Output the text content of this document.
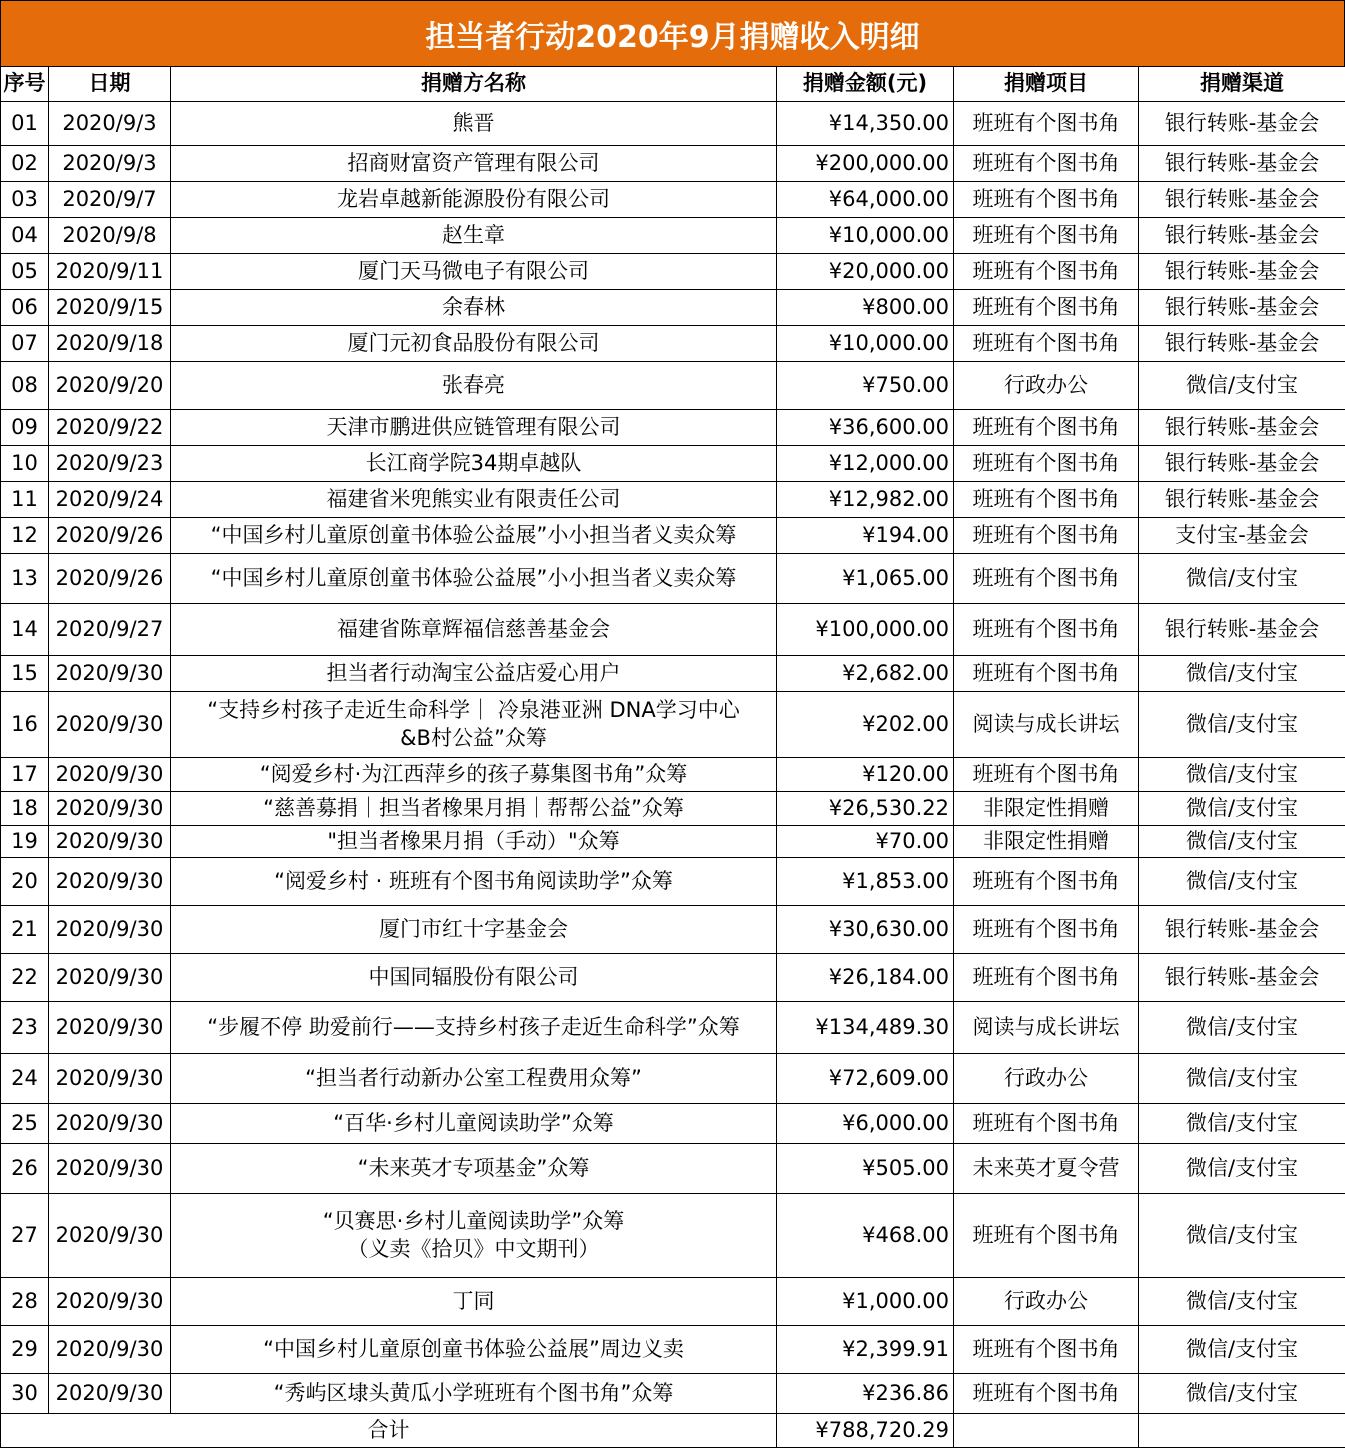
担当者行动2020年9月捐赠收入明细
序号	日期	捐赠方名称	捐赠金额(元)	捐赠项目	捐赠渠道
01	2020/9/3	熊晋	¥14,350.00	班班有个图书角	银行转账-基金会
02	2020/9/3	招商财富资产管理有限公司	¥200,000.00	班班有个图书角	银行转账-基金会
03	2020/9/7	龙岩卓越新能源股份有限公司	¥64,000.00	班班有个图书角	银行转账-基金会
04	2020/9/8	赵生章	¥10,000.00	班班有个图书角	银行转账-基金会
05	2020/9/11	厦门天马微电子有限公司	¥20,000.00	班班有个图书角	银行转账-基金会
06	2020/9/15	余春林	¥800.00	班班有个图书角	银行转账-基金会
07	2020/9/18	厦门元初食品股份有限公司	¥10,000.00	班班有个图书角	银行转账-基金会
08	2020/9/20	张春亮	¥750.00	行政办公	微信/支付宝
09	2020/9/22	天津市鹏进供应链管理有限公司	¥36,600.00	班班有个图书角	银行转账-基金会
10	2020/9/23	长江商学院34期卓越队	¥12,000.00	班班有个图书角	银行转账-基金会
11	2020/9/24	福建省米兜熊实业有限责任公司	¥12,982.00	班班有个图书角	银行转账-基金会
12	2020/9/26	“中国乡村儿童原创童书体验公益展”小小担当者义卖众筹	¥194.00	班班有个图书角	支付宝-基金会
13	2020/9/26	“中国乡村儿童原创童书体验公益展”小小担当者义卖众筹	¥1,065.00	班班有个图书角	微信/支付宝
14	2020/9/27	福建省陈章辉福信慈善基金会	¥100,000.00	班班有个图书角	银行转账-基金会
15	2020/9/30	担当者行动淘宝公益店爱心用户	¥2,682.00	班班有个图书角	微信/支付宝
16	2020/9/30	“支持乡村孩子走近生命科学｜ 冷泉港亚洲 DNA学习中心
&B村公益”众筹	¥202.00	阅读与成长讲坛	微信/支付宝
17	2020/9/30	“阅爱乡村·为江西萍乡的孩子募集图书角”众筹	¥120.00	班班有个图书角	微信/支付宝
18	2020/9/30	“慈善募捐｜担当者橡果月捐｜帮帮公益”众筹	¥26,530.22	非限定性捐赠	微信/支付宝
19	2020/9/30	"担当者橡果月捐（手动）"众筹	¥70.00	非限定性捐赠	微信/支付宝
20	2020/9/30	“阅爱乡村 · 班班有个图书角阅读助学”众筹	¥1,853.00	班班有个图书角	微信/支付宝
21	2020/9/30	厦门市红十字基金会	¥30,630.00	班班有个图书角	银行转账-基金会
22	2020/9/30	中国同辐股份有限公司	¥26,184.00	班班有个图书角	银行转账-基金会
23	2020/9/30	“步履不停 助爱前行——支持乡村孩子走近生命科学”众筹	¥134,489.30	阅读与成长讲坛	微信/支付宝
24	2020/9/30	“担当者行动新办公室工程费用众筹”	¥72,609.00	行政办公	微信/支付宝
25	2020/9/30	“百华·乡村儿童阅读助学”众筹	¥6,000.00	班班有个图书角	微信/支付宝
26	2020/9/30	“未来英才专项基金”众筹	¥505.00	未来英才夏令营	微信/支付宝
27	2020/9/30	“贝赛思·乡村儿童阅读助学”众筹
（义卖《拾贝》中文期刊）	¥468.00	班班有个图书角	微信/支付宝
28	2020/9/30	丁同	¥1,000.00	行政办公	微信/支付宝
29	2020/9/30	“中国乡村儿童原创童书体验公益展”周边义卖	¥2,399.91	班班有个图书角	微信/支付宝
30	2020/9/30	“秀屿区埭头黄瓜小学班班有个图书角”众筹	¥236.86	班班有个图书角	微信/支付宝
合计			¥788,720.29		
